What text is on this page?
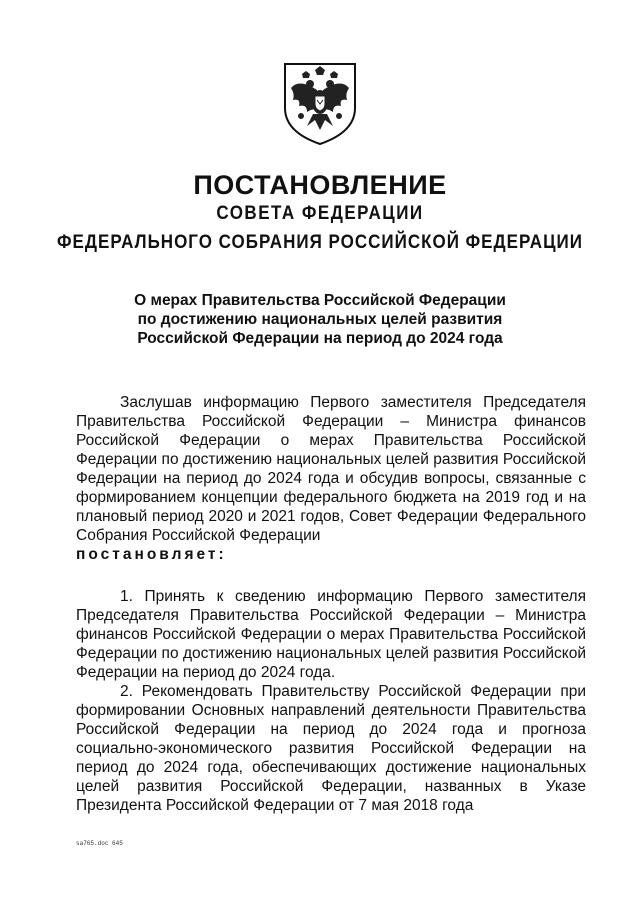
ПОСТАНОВЛЕНИЕ
СОВЕТА ФЕДЕРАЦИИ
ФЕДЕРАЛЬНОГО СОБРАНИЯ РОССИЙСКОЙ ФЕДЕРАЦИИ
О мерах Правительства Российской Федерации
по достижению национальных целей развития
Российской Федерации на период до 2024 года

Заслушав информацию Первого заместителя Председателя Правительства Российской Федерации – Министра финансов Российской Федерации о мерах Правительства Российской Федерации по достижению национальных целей развития Российской Федерации на период до 2024 года и обсудив вопросы, связанные с формированием концепции федерального бюджета на 2019 год и на плановый период 2020 и 2021 годов, Совет Федерации Федерального Собрания Российской Федерации
постановляет:

1. Принять к сведению информацию Первого заместителя Председателя Правительства Российской Федерации – Министра финансов Российской Федерации о мерах Правительства Российской Федерации по достижению национальных целей развития Российской Федерации на период до 2024 года.

2. Рекомендовать Правительству Российской Федерации при формировании Основных направлений деятельности Правительства Российской Федерации на период до 2024 года и прогноза социально-экономического развития Российской Федерации на период до 2024 года, обеспечивающих достижение национальных целей развития Российской Федерации, названных в Указе Президента Российской Федерации от 7 мая 2018 года

sa765.doc 645
